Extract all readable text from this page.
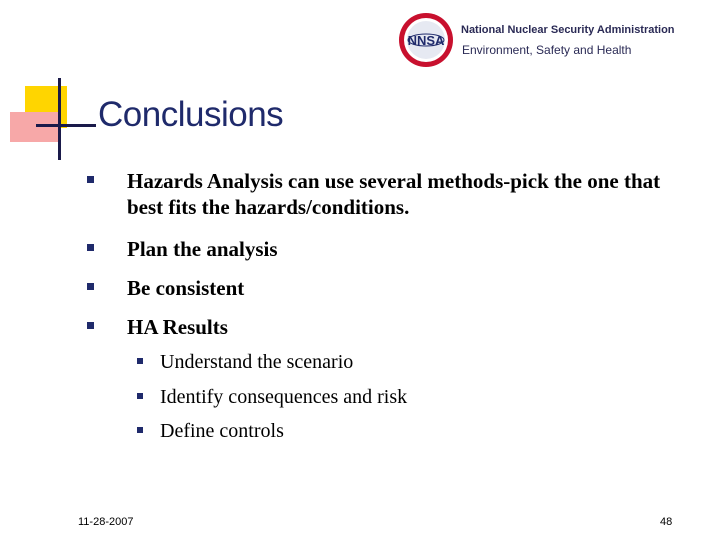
NNSA
National Nuclear Security Administration
Environment, Safety and Health
Conclusions
Hazards Analysis can use several methods-pick the one that best fits the hazards/conditions.
Plan the analysis
Be consistent
HA Results
Understand the scenario
Identify consequences and risk
Define controls
11-28-2007	48
